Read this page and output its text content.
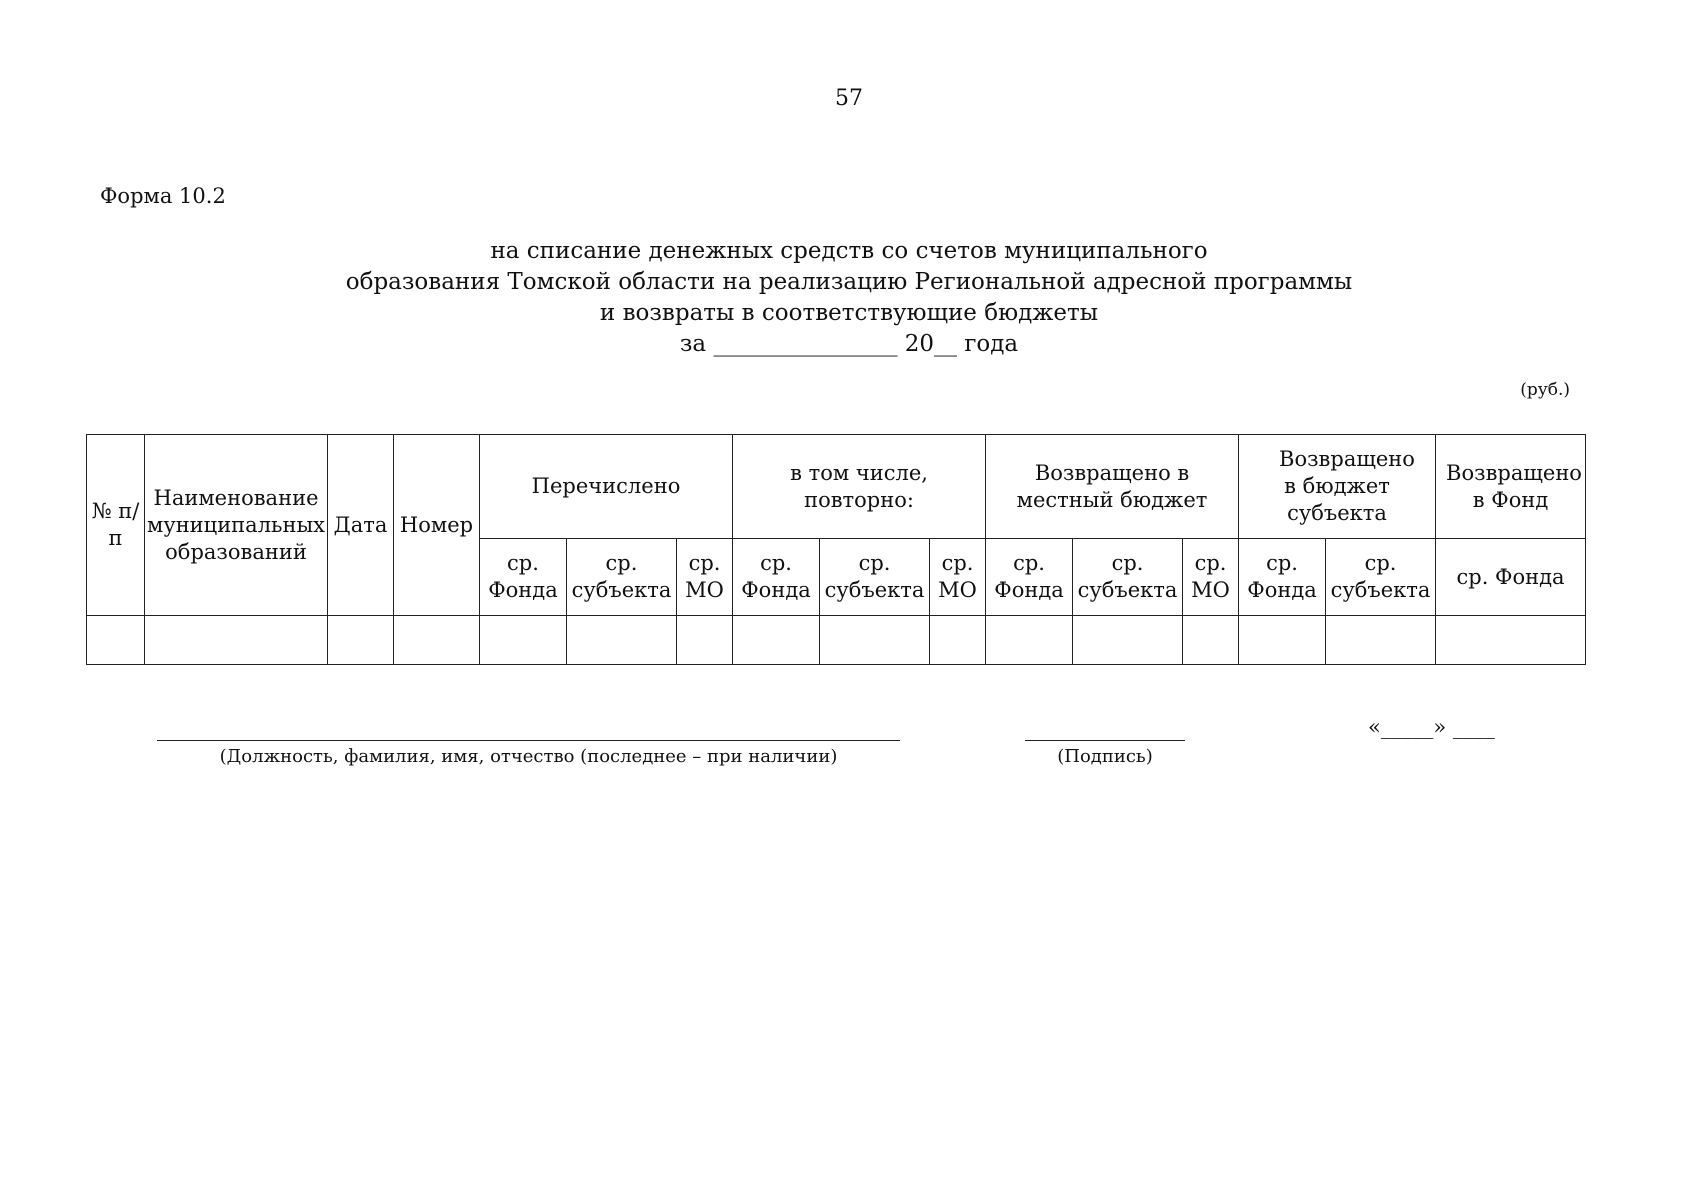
57
Форма 10.2
на списание денежных средств со счетов муниципального
образования Томской области на реализацию Региональной адресной программы
и возвраты в соответствующие бюджеты
за ________________ 20__ года
(руб.)
№ п/п	Наименование муниципальных образований	Дата	Номер	Перечислено			в том числе, повторно:			Возвращено в местный бюджет			Возвращено в бюджет субъекта		Возвращено в Фонд
				ср. Фонда	ср. субъекта	ср. МО	ср. Фонда	ср. субъекта	ср. МО	ср. Фонда	ср. субъекта	ср. МО	ср. Фонда	ср. субъекта	ср. Фонда

(Должность, фамилия, имя, отчество (последнее – при наличии)	(Подпись)
«_____» ____
